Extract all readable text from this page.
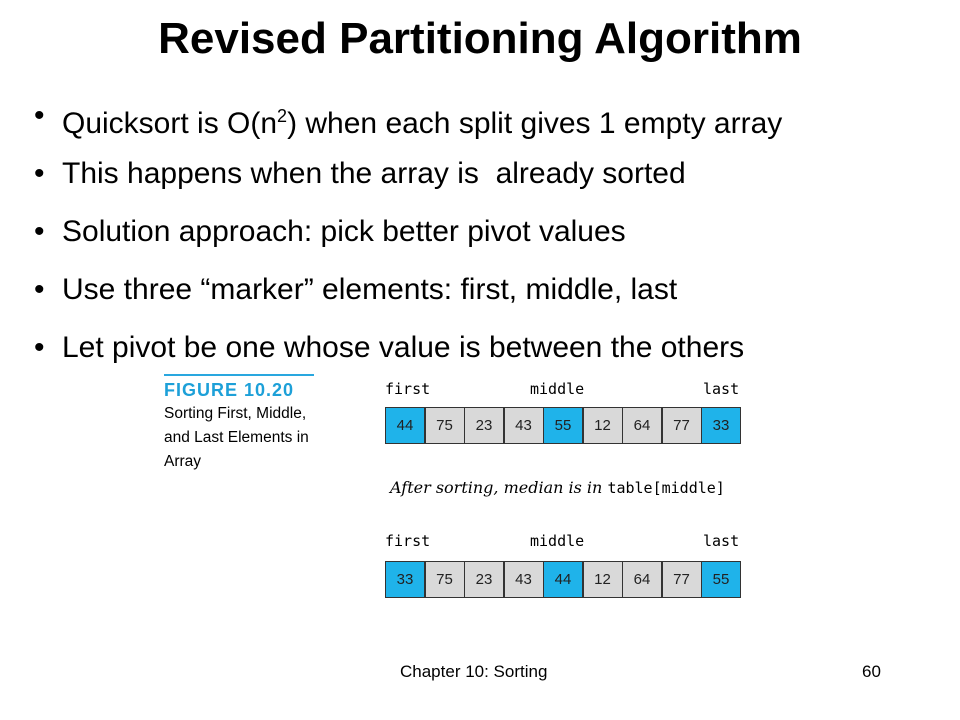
Revised Partitioning Algorithm
• Quicksort is $O(n^2)$ when each split gives 1 empty array
• This happens when the array is  already sorted
• Solution approach: pick better pivot values
• Use three “marker” elements: first, middle, last
• Let pivot be one whose value is between the others
FIGURE 10.20
Sorting First, Middle,
and Last Elements in
Array
first	middle	last
44	75	23	43	55	12	64	77	33
After sorting, median is in table[middle]
first	middle	last
33	75	23	43	44	12	64	77	55
Chapter 10: Sorting	60
